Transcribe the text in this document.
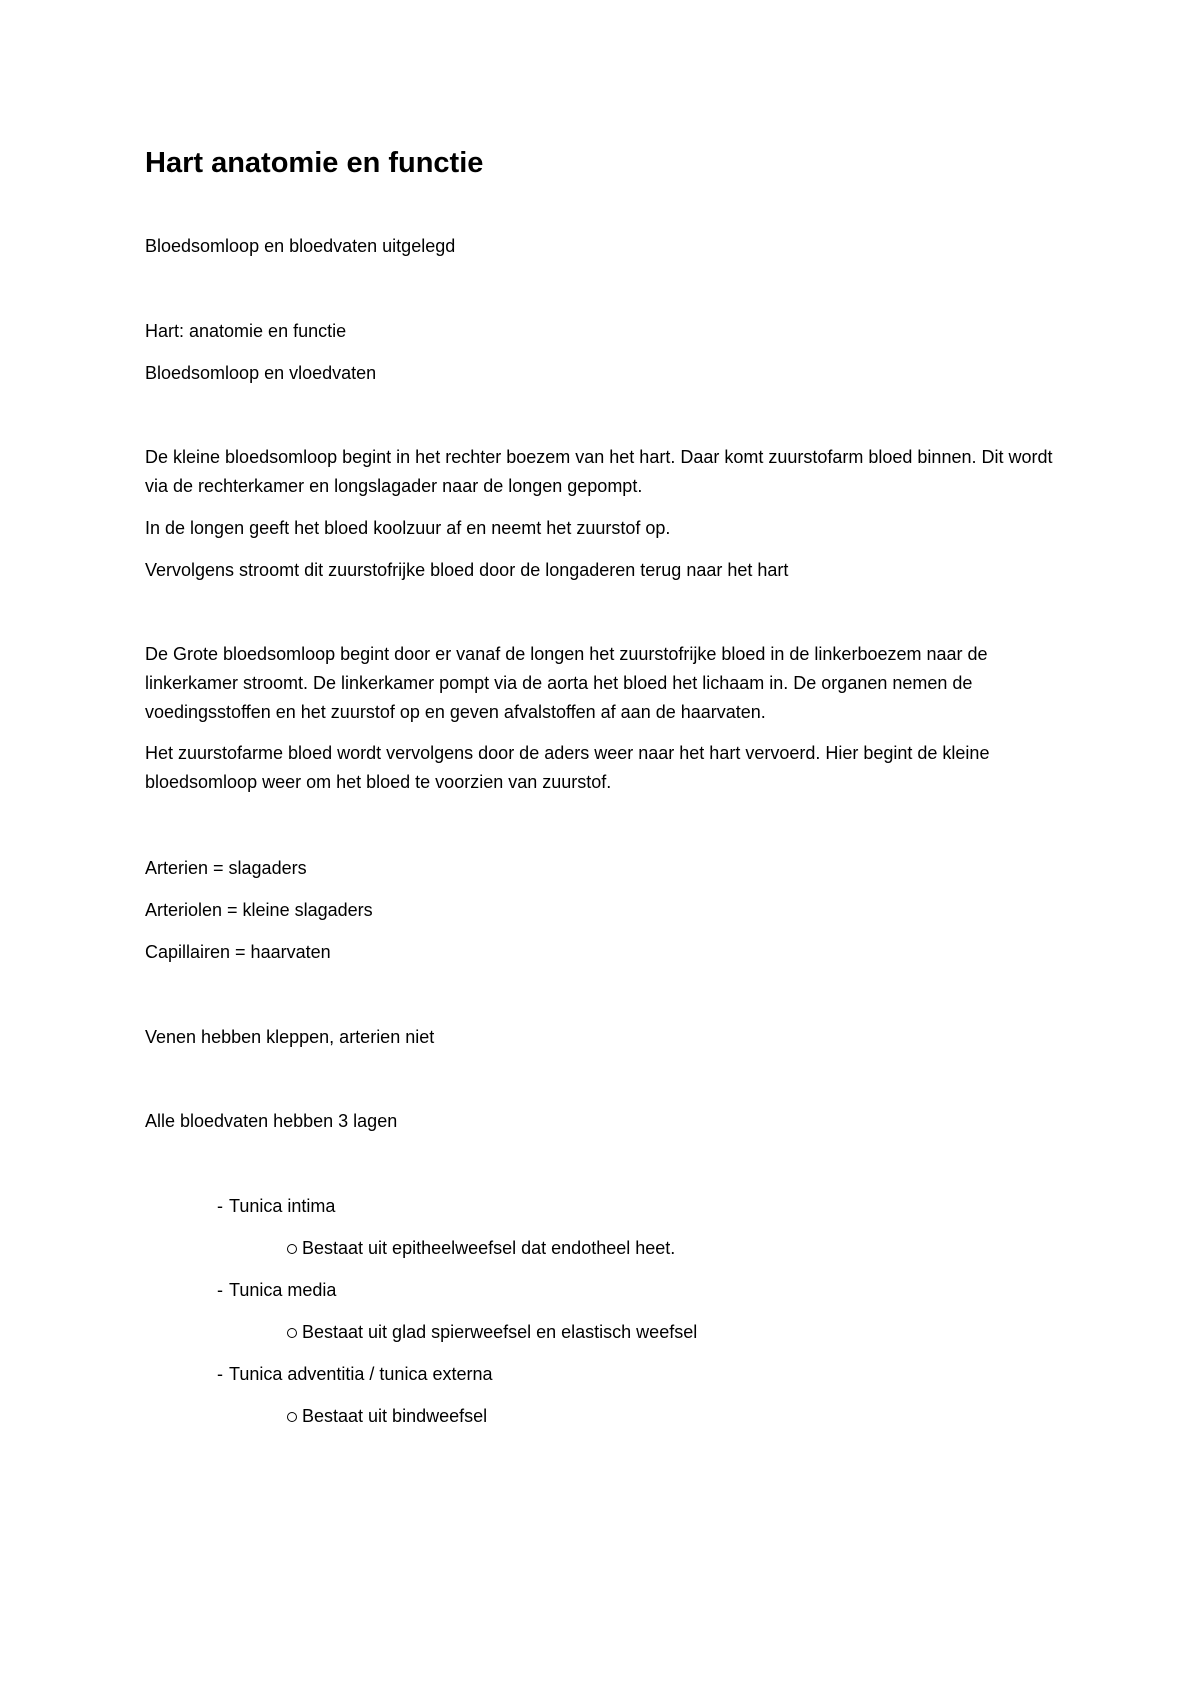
Hart anatomie en functie
Bloedsomloop en bloedvaten uitgelegd
Hart: anatomie en functie
Bloedsomloop en vloedvaten
De kleine bloedsomloop begint in het rechter boezem van het hart. Daar komt zuurstofarm bloed binnen. Dit wordt via de rechterkamer en longslagader naar de longen gepompt.
In de longen geeft het bloed koolzuur af en neemt het zuurstof op.
Vervolgens stroomt dit zuurstofrijke bloed door de longaderen terug naar het hart
De Grote bloedsomloop begint door er vanaf de longen het zuurstofrijke bloed in de linkerboezem naar de linkerkamer stroomt. De linkerkamer pompt via de aorta het bloed het lichaam in. De organen nemen de voedingsstoffen en het zuurstof op en geven afvalstoffen af aan de haarvaten.
Het zuurstofarme bloed wordt vervolgens door de aders weer naar het hart vervoerd. Hier begint de kleine bloedsomloop weer om het bloed te voorzien van zuurstof.
Arterien = slagaders
Arteriolen = kleine slagaders
Capillairen = haarvaten
Venen hebben kleppen, arterien niet
Alle bloedvaten hebben 3 lagen
- Tunica intima
Bestaat uit epitheelweefsel dat endotheel heet.
- Tunica media
Bestaat uit glad spierweefsel en elastisch weefsel
- Tunica adventitia / tunica externa
Bestaat uit bindweefsel
